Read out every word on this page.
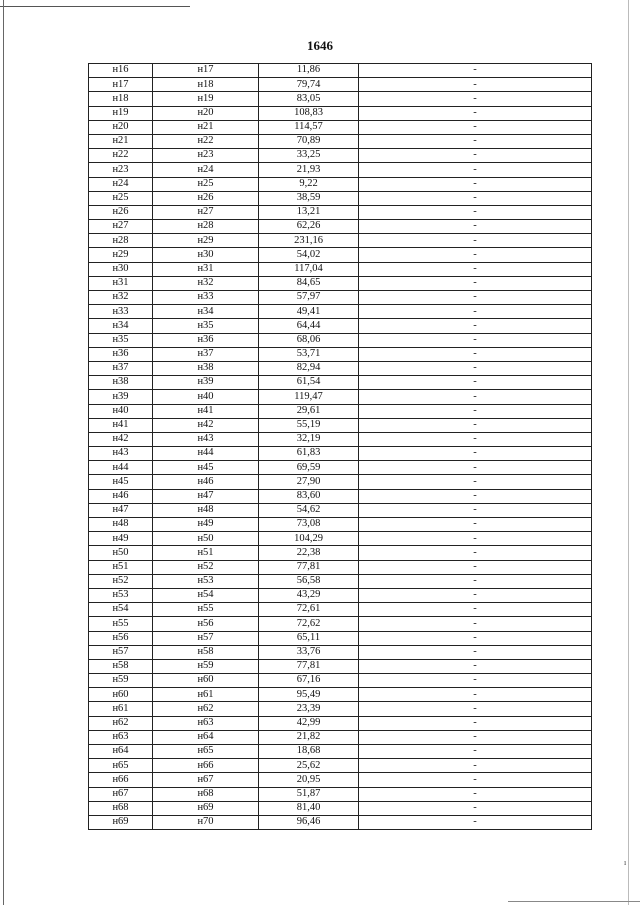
1646
н16	н17	11,86	-
н17	н18	79,74	-
н18	н19	83,05	-
н19	н20	108,83	-
н20	н21	114,57	-
н21	н22	70,89	-
н22	н23	33,25	-
н23	н24	21,93	-
н24	н25	9,22	-
н25	н26	38,59	-
н26	н27	13,21	-
н27	н28	62,26	-
н28	н29	231,16	-
н29	н30	54,02	-
н30	н31	117,04	-
н31	н32	84,65	-
н32	н33	57,97	-
н33	н34	49,41	-
н34	н35	64,44	-
н35	н36	68,06	-
н36	н37	53,71	-
н37	н38	82,94	-
н38	н39	61,54	-
н39	н40	119,47	-
н40	н41	29,61	-
н41	н42	55,19	-
н42	н43	32,19	-
н43	н44	61,83	-
н44	н45	69,59	-
н45	н46	27,90	-
н46	н47	83,60	-
н47	н48	54,62	-
н48	н49	73,08	-
н49	н50	104,29	-
н50	н51	22,38	-
н51	н52	77,81	-
н52	н53	56,58	-
н53	н54	43,29	-
н54	н55	72,61	-
н55	н56	72,62	-
н56	н57	65,11	-
н57	н58	33,76	-
н58	н59	77,81	-
н59	н60	67,16	-
н60	н61	95,49	-
н61	н62	23,39	-
н62	н63	42,99	-
н63	н64	21,82	-
н64	н65	18,68	-
н65	н66	25,62	-
н66	н67	20,95	-
н67	н68	51,87	-
н68	н69	81,40	-
н69	н70	96,46	-
ı
